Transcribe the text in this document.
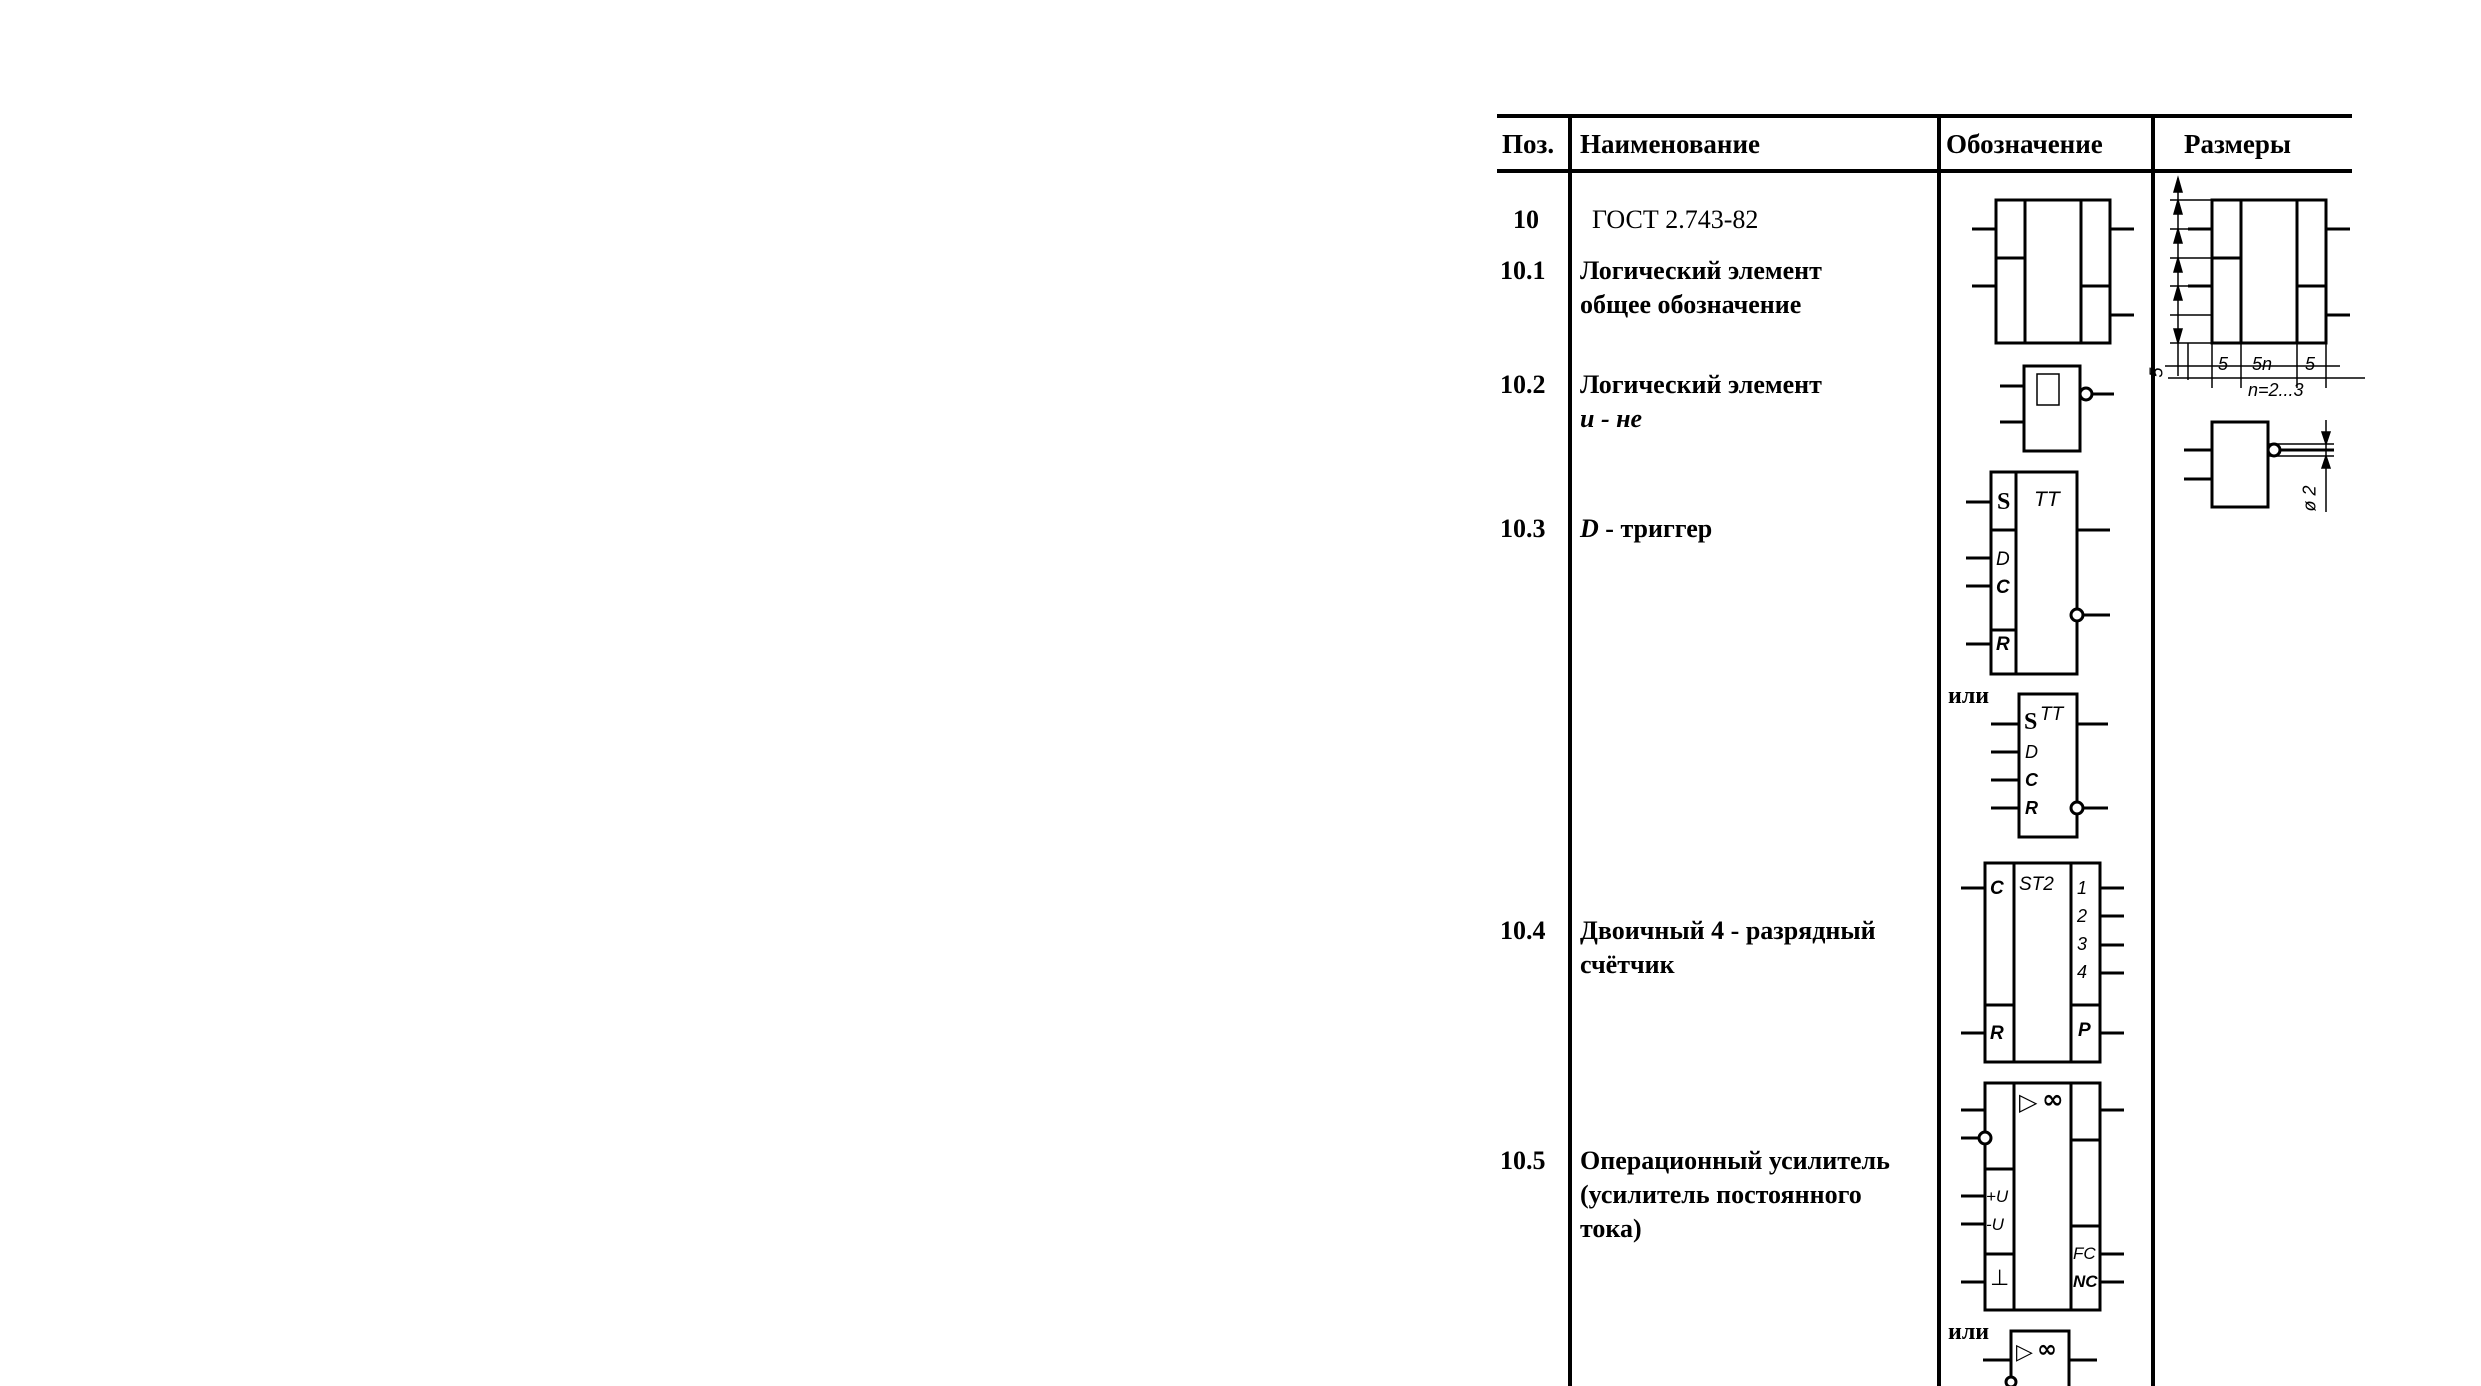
Поз. Наименование	Обозначение	Размеры
10 ГОСТ 2.743-82
10.1 Логический элемент
общее обозначение
10.2 Логический элемент
и - не
10.3 D - триггер
10.4 Двоичный 4 - разрядный
счётчик
10.5 Операционный усилитель
(усилитель постоянного
тока)
или
или
S TT
D
C
R
S TT
D
C
R
C ST2
R	P
1
2
3
4
▷ ∞
+U
-U
⊥
FC
NC
▷ ∞
5	5 5n 5
n=2...3
ø 2
